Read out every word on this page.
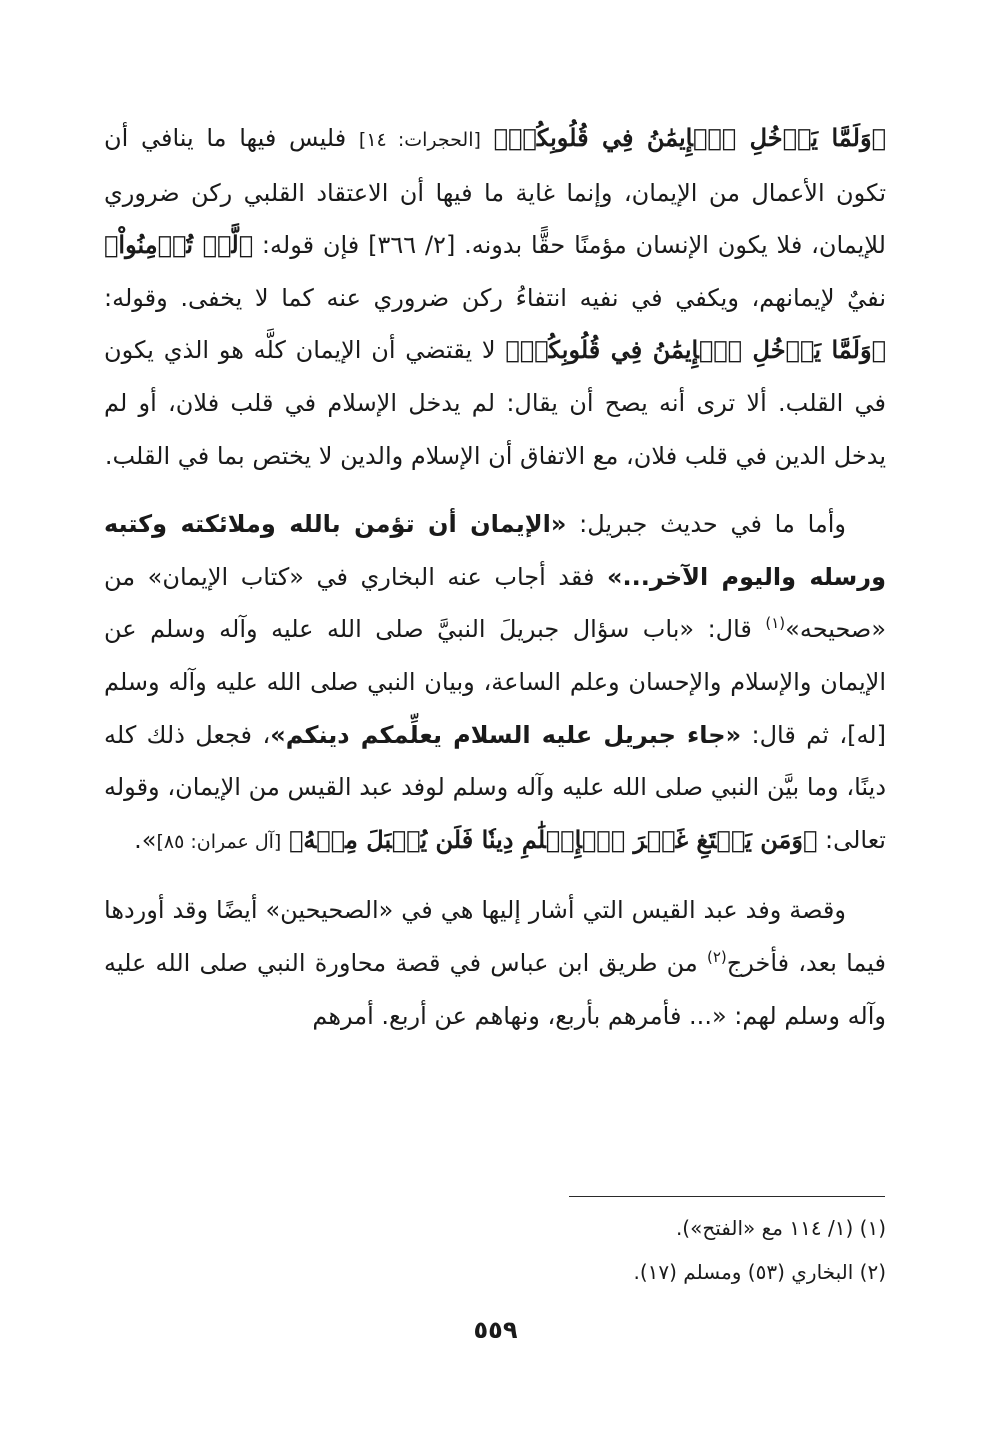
﴿وَلَمَّا يَدۡخُلِ ٱلۡإِيمَٰنُ فِي قُلُوبِكُمۡ﴾ [الحجرات: ١٤] فليس فيها ما ينافي أن تكون الأعمال من الإيمان، وإنما غاية ما فيها أن الاعتقاد القلبي ركن ضروري للإيمان، فلا يكون الإنسان مؤمنًا حقًّا بدونه. [٢/ ٣٦٦] فإن قوله: ﴿لَّمۡ تُؤۡمِنُواْ﴾ نفيٌ لإيمانهم، ويكفي في نفيه انتفاءُ ركن ضروري عنه كما لا يخفى. وقوله: ﴿وَلَمَّا يَدۡخُلِ ٱلۡإِيمَٰنُ فِي قُلُوبِكُمۡ﴾ لا يقتضي أن الإيمان كلَّه هو الذي يكون في القلب. ألا ترى أنه يصح أن يقال: لم يدخل الإسلام في قلب فلان، أو لم يدخل الدين في قلب فلان، مع الاتفاق أن الإسلام والدين لا يختص بما في القلب.

وأما ما في حديث جبريل: «الإيمان أن تؤمن بالله وملائكته وكتبه ورسله واليوم الآخر...» فقد أجاب عنه البخاري في «كتاب الإيمان» من «صحيحه»$^{(١)}$ قال: «باب سؤال جبريلَ النبيَّ صلى الله عليه وآله وسلم عن الإيمان والإسلام والإحسان وعلم الساعة، وبيان النبي صلى الله عليه وآله وسلم [له]، ثم قال: «جاء جبريل عليه السلام يعلِّمكم دينكم»، فجعل ذلك كله دينًا، وما بيَّن النبي صلى الله عليه وآله وسلم لوفد عبد القيس من الإيمان، وقوله تعالى: ﴿وَمَن يَبۡتَغِ غَيۡرَ ٱلۡإِسۡلَٰمِ دِينٗا فَلَن يُقۡبَلَ مِنۡهُ﴾ [آل عمران: ٨٥]».

وقصة وفد عبد القيس التي أشار إليها هي في «الصحيحين» أيضًا وقد أوردها فيما بعد، فأخرج$^{(٢)}$ من طريق ابن عباس في قصة محاورة النبي صلى الله عليه وآله وسلم لهم: «... فأمرهم بأربع، ونهاهم عن أربع. أمرهم

(١) (١/ ١١٤ مع «الفتح»).

(٢) البخاري (٥٣) ومسلم (١٧).

٥٥٩
